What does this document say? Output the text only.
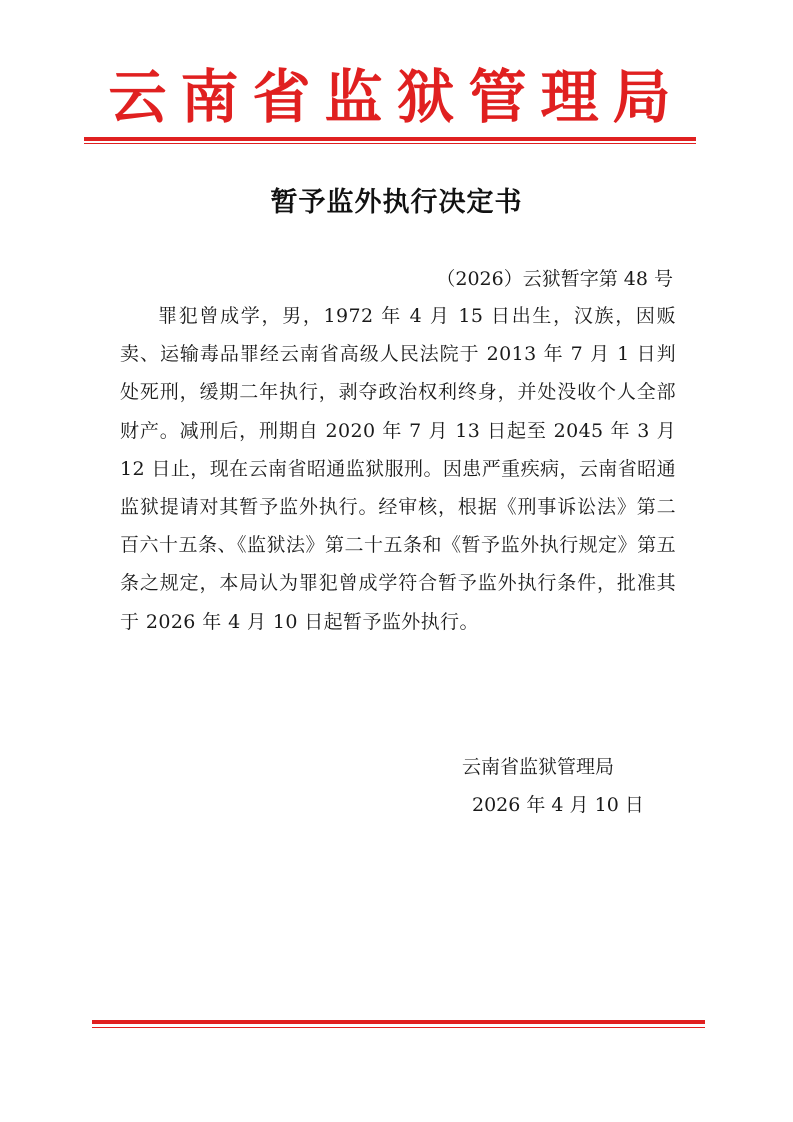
云南省监狱管理局
暂予监外执行决定书
（2026）云狱暂字第 48 号

罪犯曾成学，男，1972 年 4 月 15 日出生，汉族，因贩卖、运输毒品罪经云南省高级人民法院于 2013 年 7 月 1 日判处死刑，缓期二年执行，剥夺政治权利终身，并处没收个人全部财产。减刑后，刑期自 2020 年 7 月 13 日起至 2045 年 3 月 12 日止，现在云南省昭通监狱服刑。因患严重疾病，云南省昭通监狱提请对其暂予监外执行。经审核，根据《刑事诉讼法》第二百六十五条、《监狱法》第二十五条和《暂予监外执行规定》第五条之规定，本局认为罪犯曾成学符合暂予监外执行条件，批准其于 2026 年 4 月 10 日起暂予监外执行。

云南省监狱管理局
2026 年 4 月 10 日
